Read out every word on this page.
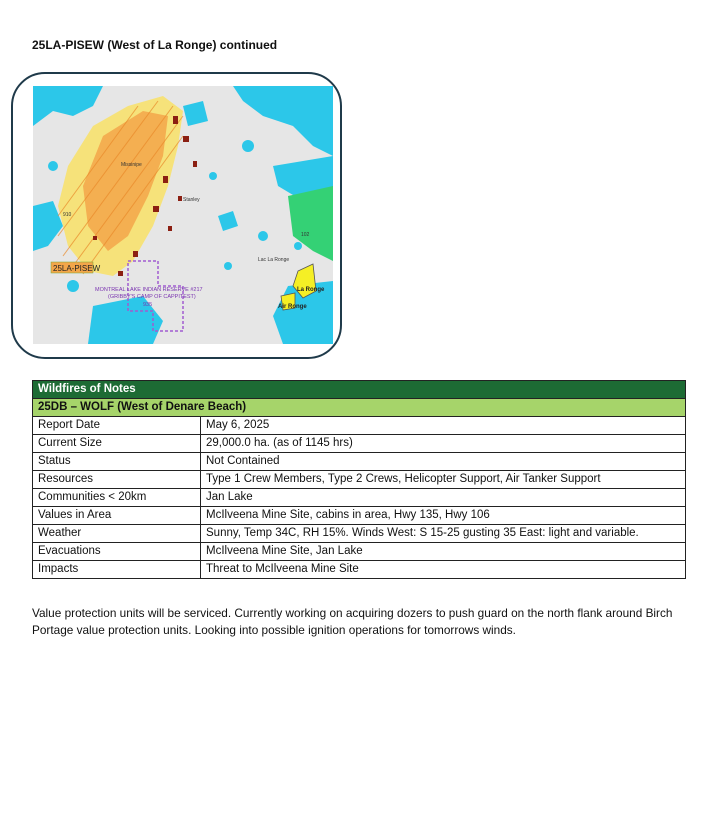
25LA-PISEW (West of La Ronge) continued
25LA-PISEW
MONTREAL LAKE INDIAN RESERVE #217
(GRIBBY'S CAMP OF CAPPITEST)
935
La Ronge
Air Ronge
Lac La Ronge
102
910
Missinipe
Stanley
Wildfires of Notes	
25DB – WOLF (West of Denare Beach)	
Report Date	May 6, 2025
Current Size	29,000.0 ha. (as of 1145 hrs)
Status	Not Contained
Resources	Type 1 Crew Members, Type 2 Crews, Helicopter Support, Air Tanker Support
Communities < 20km	Jan Lake
Values in Area	McIlveena Mine Site, cabins in area, Hwy 135, Hwy 106
Weather	Sunny, Temp 34C, RH 15%. Winds West: S 15-25 gusting 35 East: light and variable.
Evacuations	McIlveena Mine Site, Jan Lake
Impacts	Threat to McIlveena Mine Site
Value protection units will be serviced. Currently working on acquiring dozers to push guard on the north flank around Birch Portage value protection units. Looking into possible ignition operations for tomorrows winds.
